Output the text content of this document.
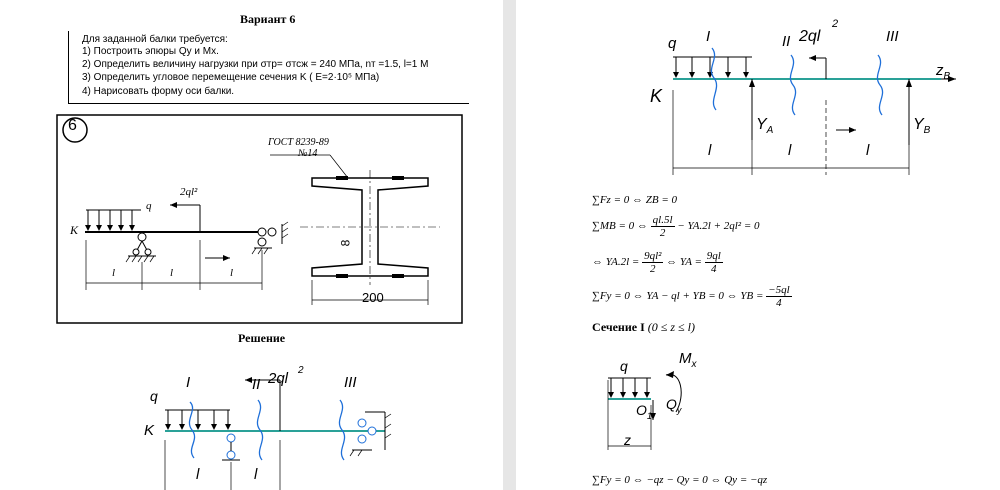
Вариант 6
Для заданной балки требуется:
1) Построить эпюры Qy и Mx.
2) Определить величину нагрузки при σтр= σтсж = 240 МПа, nт =1.5, l=1 М
3) Определить угловое перемещение сечения K ( E=2·10⁵ МПа)
4) Нарисовать форму оси балки.
6
ГОСТ 8239-89
№14
200
8
q
2ql²
K
l	l	l
Решение
q
K
I	II 2ql 2
III
l	l
q I	II 2ql
2
III
$z_B$
K
$Y_A$	$Y_B$
l	l	l
∑Fz = 0 ⇔ ZB = 0
∑MB = 0 ⇔ $\frac{ql.5l}{2} - YA.2l + 2ql^2 = 0$
⇔ $YA.2l = \frac{\text{9ql²}}{2}$ ⇔ YA = $\frac{9ql}{4}$
∑Fy = 0 ⇔ YA − ql + YB = 0 ⇔ YB = $\frac{-5ql}{4}$
Сечение I (0 ≤ z ≤ l)
q	$M_x$
$O_1$
$Q_y$
z
∑Fy = 0 ⇔ −qz − Qy = 0 ⇔ Qy = −qz
